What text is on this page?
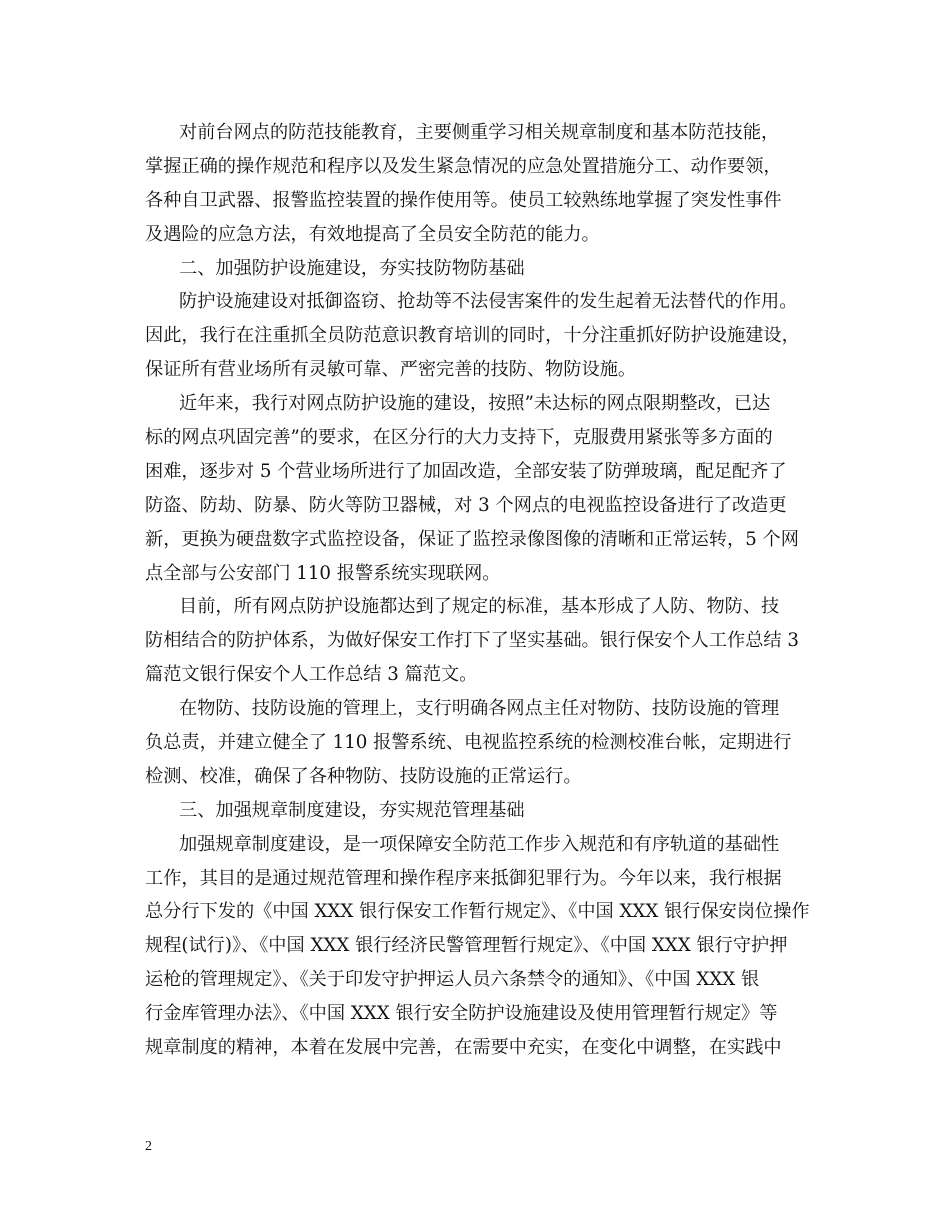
对前台网点的防范技能教育，主要侧重学习相关规章制度和基本防范技能，
掌握正确的操作规范和程序以及发生紧急情况的应急处置措施分工、动作要领，
各种自卫武器、报警监控装置的操作使用等。使员工较熟练地掌握了突发性事件
及遇险的应急方法，有效地提高了全员安全防范的能力。
二、加强防护设施建设，夯实技防物防基础
防护设施建设对抵御盗窃、抢劫等不法侵害案件的发生起着无法替代的作用。
因此，我行在注重抓全员防范意识教育培训的同时，十分注重抓好防护设施建设，
保证所有营业场所有灵敏可靠、严密完善的技防、物防设施。
近年来，我行对网点防护设施的建设，按照”未达标的网点限期整改，已达
标的网点巩固完善”的要求，在区分行的大力支持下，克服费用紧张等多方面的
困难，逐步对 5 个营业场所进行了加固改造，全部安装了防弹玻璃，配足配齐了
防盗、防劫、防暴、防火等防卫器械，对 3 个网点的电视监控设备进行了改造更
新，更换为硬盘数字式监控设备，保证了监控录像图像的清晰和正常运转，5 个网
点全部与公安部门 110 报警系统实现联网。
目前，所有网点防护设施都达到了规定的标准，基本形成了人防、物防、技
防相结合的防护体系，为做好保安工作打下了坚实基础。银行保安个人工作总结 3
篇范文银行保安个人工作总结 3 篇范文。
在物防、技防设施的管理上，支行明确各网点主任对物防、技防设施的管理
负总责，并建立健全了 110 报警系统、电视监控系统的检测校准台帐，定期进行
检测、校准，确保了各种物防、技防设施的正常运行。
三、加强规章制度建设，夯实规范管理基础
加强规章制度建设，是一项保障安全防范工作步入规范和有序轨道的基础性
工作，其目的是通过规范管理和操作程序来抵御犯罪行为。今年以来，我行根据
总分行下发的《中国 XXX 银行保安工作暂行规定》、《中国 XXX 银行保安岗位操作
规程(试行)》、《中国 XXX 银行经济民警管理暂行规定》、《中国 XXX 银行守护押
运枪的管理规定》、《关于印发守护押运人员六条禁令的通知》、《中国 XXX 银
行金库管理办法》、《中国 XXX 银行安全防护设施建设及使用管理暂行规定》等
规章制度的精神，本着在发展中完善，在需要中充实，在变化中调整，在实践中
2
